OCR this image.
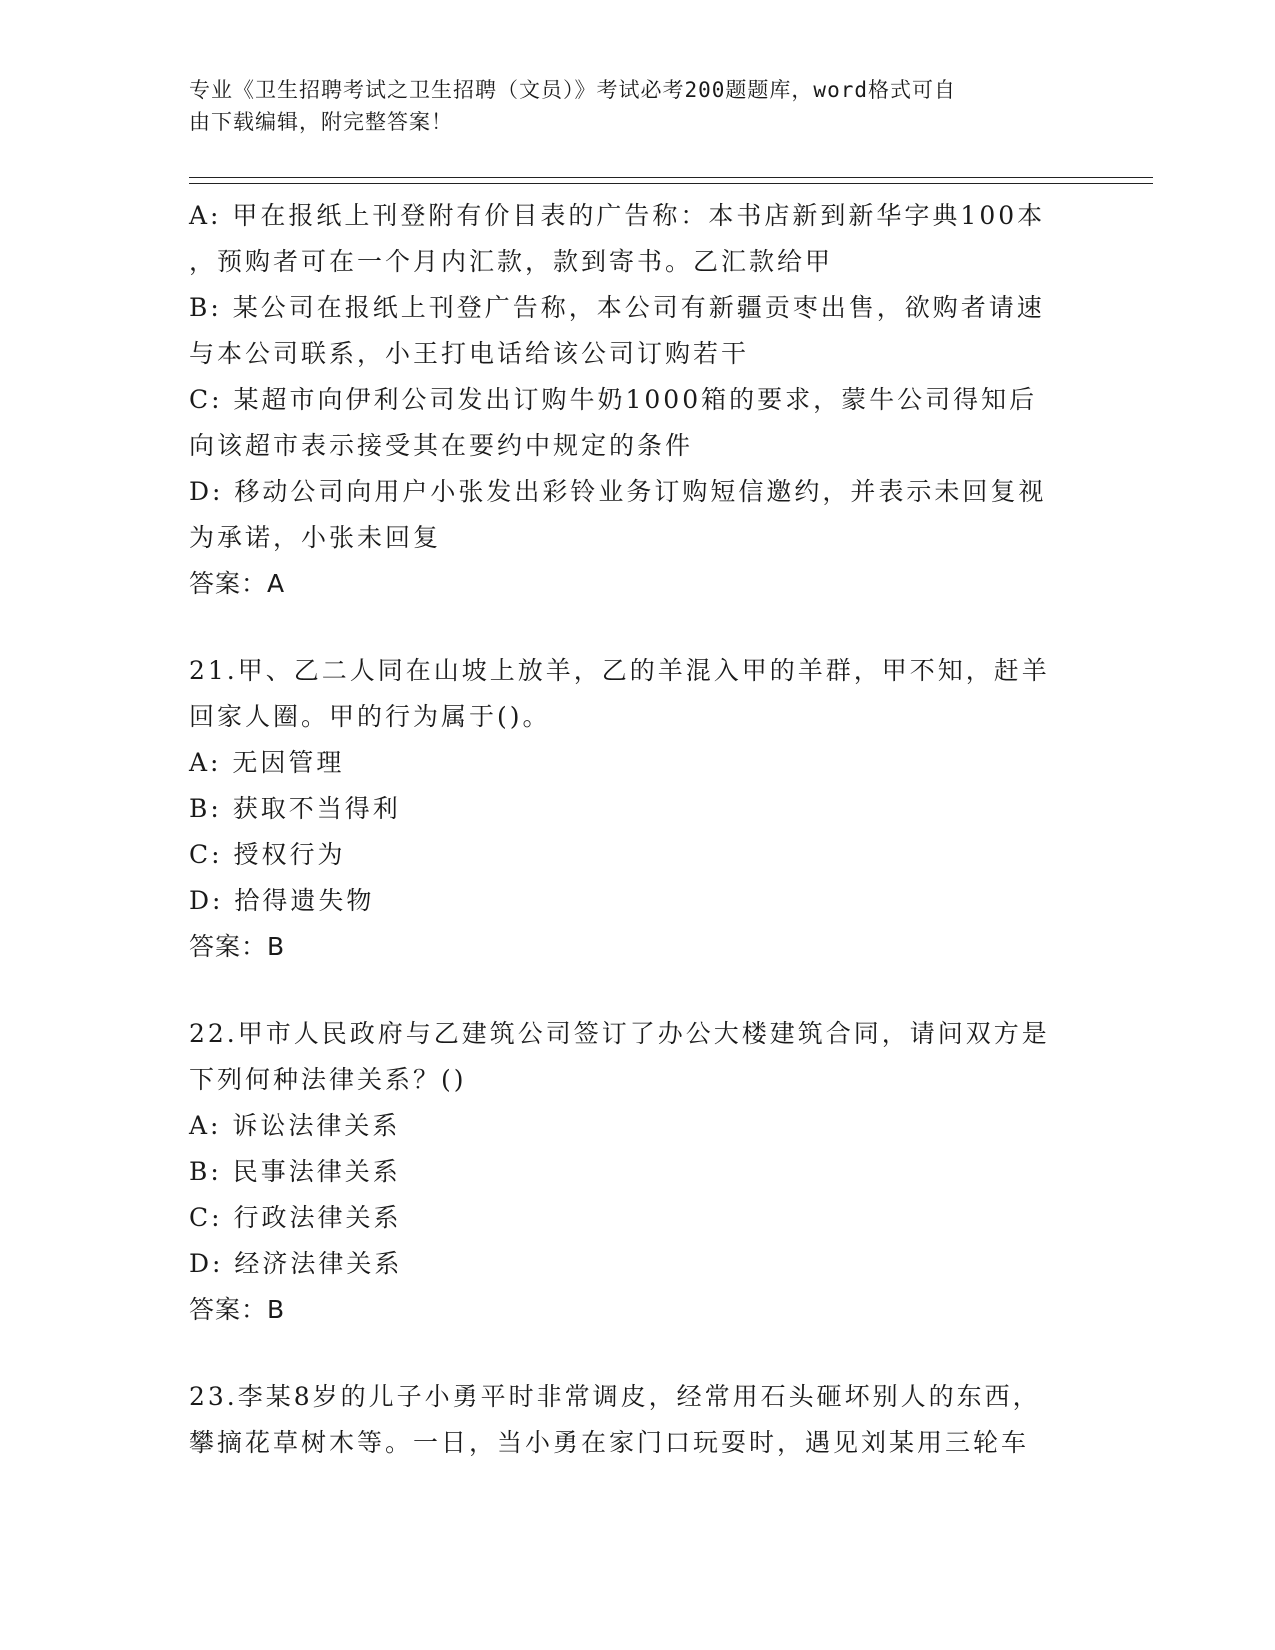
专业《卫生招聘考试之卫生招聘（文员）》考试必考200题题库，word格式可自
由下载编辑，附完整答案！
A: 甲在报纸上刊登附有价目表的广告称：本书店新到新华字典100本
，预购者可在一个月内汇款，款到寄书。乙汇款给甲
B: 某公司在报纸上刊登广告称，本公司有新疆贡枣出售，欲购者请速
与本公司联系，小王打电话给该公司订购若干
C: 某超市向伊利公司发出订购牛奶1000箱的要求，蒙牛公司得知后
向该超市表示接受其在要约中规定的条件
D: 移动公司向用户小张发出彩铃业务订购短信邀约，并表示未回复视
为承诺，小张未回复
答案：A
21.甲、乙二人同在山坡上放羊，乙的羊混入甲的羊群，甲不知，赶羊
回家人圈。甲的行为属于()。
A: 无因管理
B: 获取不当得利
C: 授权行为
D: 拾得遗失物
答案：B
22.甲市人民政府与乙建筑公司签订了办公大楼建筑合同，请问双方是
下列何种法律关系？()
A: 诉讼法律关系
B: 民事法律关系
C: 行政法律关系
D: 经济法律关系
答案：B
23.李某8岁的儿子小勇平时非常调皮，经常用石头砸坏别人的东西，
攀摘花草树木等。一日，当小勇在家门口玩耍时，遇见刘某用三轮车
